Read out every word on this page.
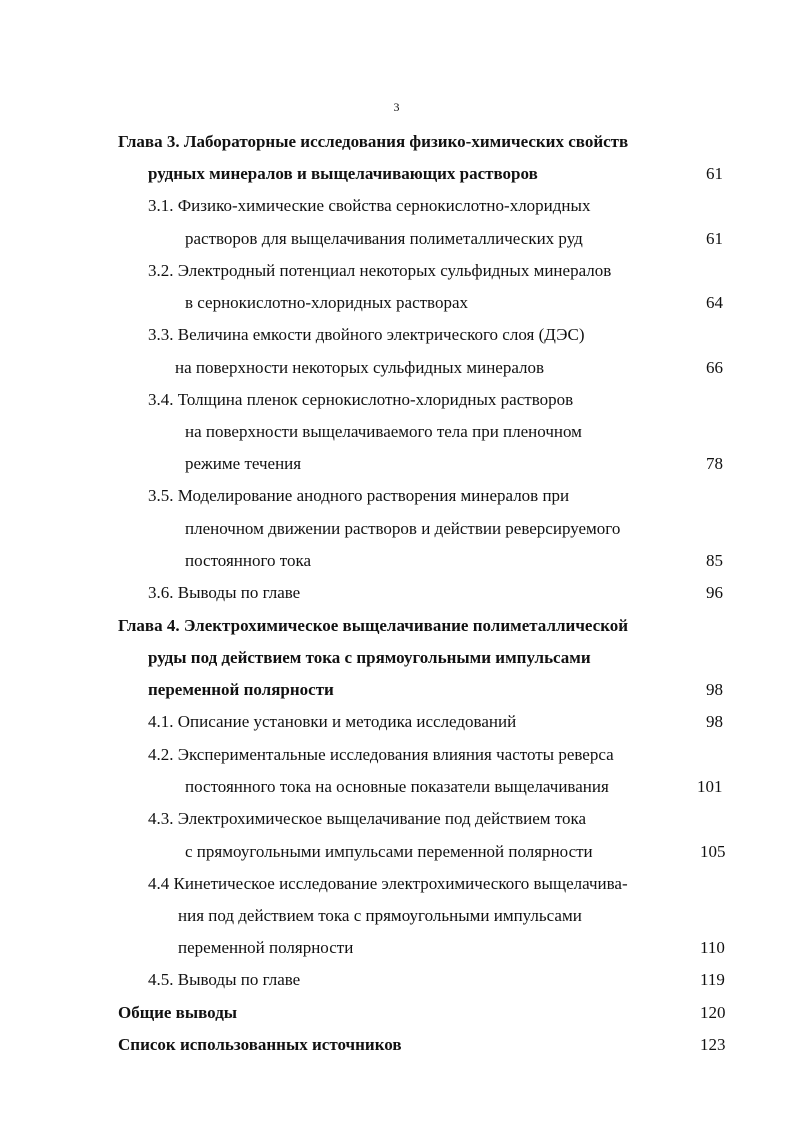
3
Глава 3. Лабораторные исследования физико-химических свойств
рудных минералов и выщелачивающих растворов	61
3.1. Физико-химические свойства сернокислотно-хлоридных
растворов для выщелачивания полиметаллических руд	61
3.2. Электродный потенциал некоторых сульфидных минералов
в сернокислотно-хлоридных растворах	64
3.3. Величина емкости двойного электрического слоя (ДЭС)
на поверхности некоторых сульфидных минералов	66
3.4. Толщина пленок сернокислотно-хлоридных растворов
на поверхности выщелачиваемого тела при пленочном
режиме течения	78
3.5. Моделирование анодного растворения минералов при
пленочном движении растворов и действии реверсируемого
постоянного тока	85
3.6. Выводы по главе	96
Глава 4. Электрохимическое выщелачивание полиметаллической
руды под действием тока с прямоугольными импульсами
переменной полярности	98
4.1. Описание установки и методика исследований	98
4.2. Экспериментальные исследования влияния частоты реверса
постоянного тока на основные показатели выщелачивания	101
4.3. Электрохимическое выщелачивание под действием тока
с прямоугольными импульсами переменной полярности	105
4.4 Кинетическое исследование электрохимического выщелачива-
ния под действием тока с прямоугольными импульсами
переменной полярности	110
4.5. Выводы по главе	119
Общие выводы	120
Список использованных источников	123
